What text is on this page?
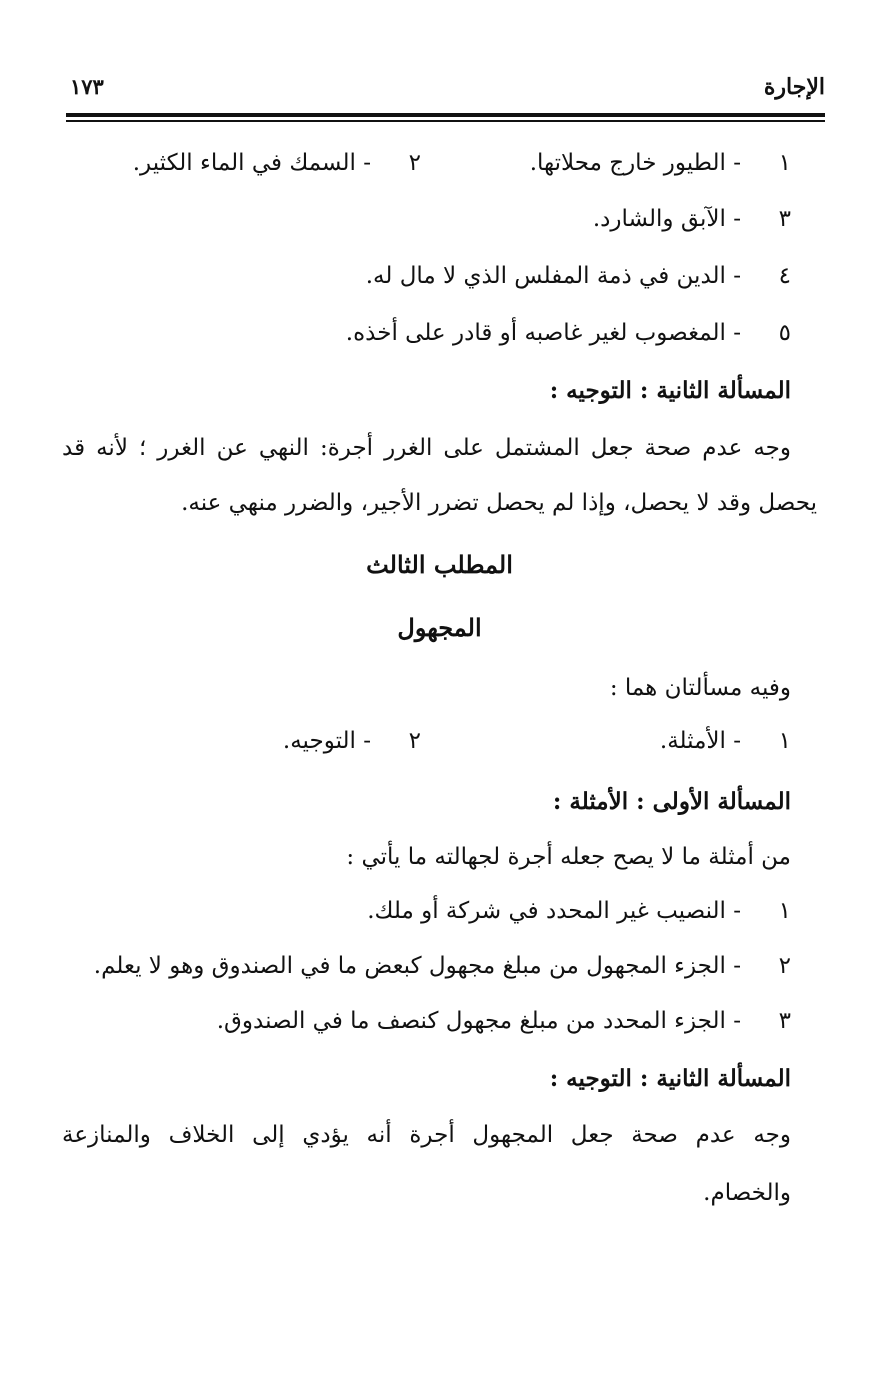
الإجارة
١٧٣
١- الطيور خارج محلاتها.
٢- السمك في الماء الكثير.
٣- الآبق والشارد.
٤- الدين في ذمة المفلس الذي لا مال له.
٥- المغصوب لغير غاصبه أو قادر على أخذه.
المسألة الثانية : التوجيه :
وجه عدم صحة جعل المشتمل على الغرر أجرة: النهي عن الغرر ؛ لأنه قد
يحصل وقد لا يحصل، وإذا لم يحصل تضرر الأجير، والضرر منهي عنه.
المطلب الثالث
المجهول
وفيه مسألتان هما :
١- الأمثلة.
٢- التوجيه.
المسألة الأولى : الأمثلة :
من أمثلة ما لا يصح جعله أجرة لجهالته ما يأتي :
١- النصيب غير المحدد في شركة أو ملك.
٢- الجزء المجهول من مبلغ مجهول كبعض ما في الصندوق وهو لا يعلم.
٣- الجزء المحدد من مبلغ مجهول كنصف ما في الصندوق.
المسألة الثانية : التوجيه :
وجه عدم صحة جعل المجهول أجرة أنه يؤدي إلى الخلاف والمنازعة
والخصام.
